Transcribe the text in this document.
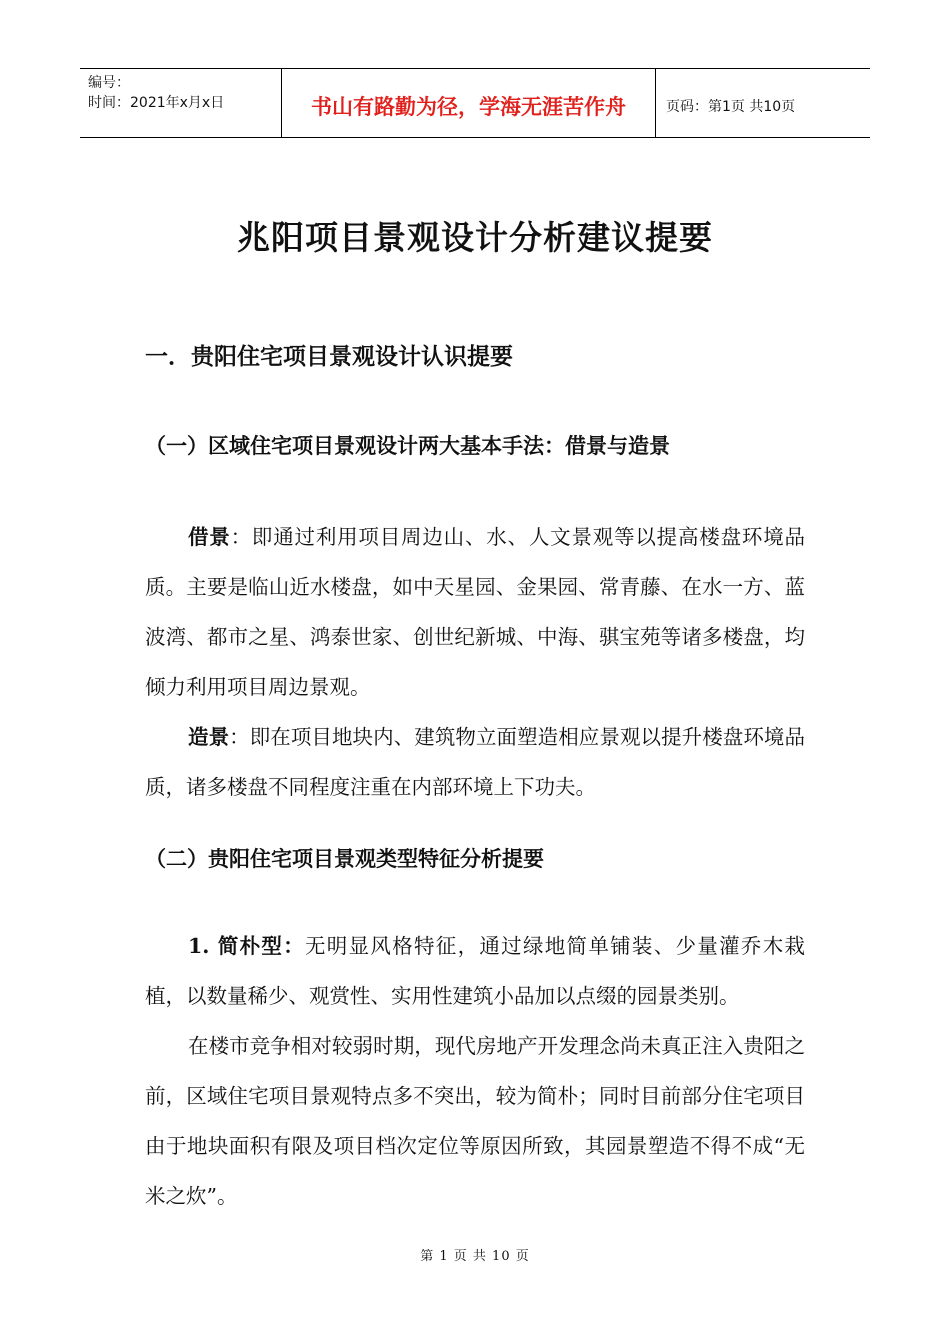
编号：
时间：2021年x月x日	书山有路勤为径，学海无涯苦作舟	页码：第1页 共10页
兆阳项目景观设计分析建议提要
一．贵阳住宅项目景观设计认识提要
（一）区域住宅项目景观设计两大基本手法：借景与造景

借景：即通过利用项目周边山、水、人文景观等以提高楼盘环境品质。主要是临山近水楼盘，如中天星园、金果园、常青藤、在水一方、蓝波湾、都市之星、鸿泰世家、创世纪新城、中海、骐宝苑等诸多楼盘，均倾力利用项目周边景观。

造景：即在项目地块内、建筑物立面塑造相应景观以提升楼盘环境品质，诸多楼盘不同程度注重在内部环境上下功夫。

（二）贵阳住宅项目景观类型特征分析提要

1. 简朴型：无明显风格特征，通过绿地简单铺装、少量灌乔木栽植，以数量稀少、观赏性、实用性建筑小品加以点缀的园景类别。

在楼市竞争相对较弱时期，现代房地产开发理念尚未真正注入贵阳之前，区域住宅项目景观特点多不突出，较为简朴；同时目前部分住宅项目由于地块面积有限及项目档次定位等原因所致，其园景塑造不得不成“无米之炊”。

第 1 页 共 10 页
